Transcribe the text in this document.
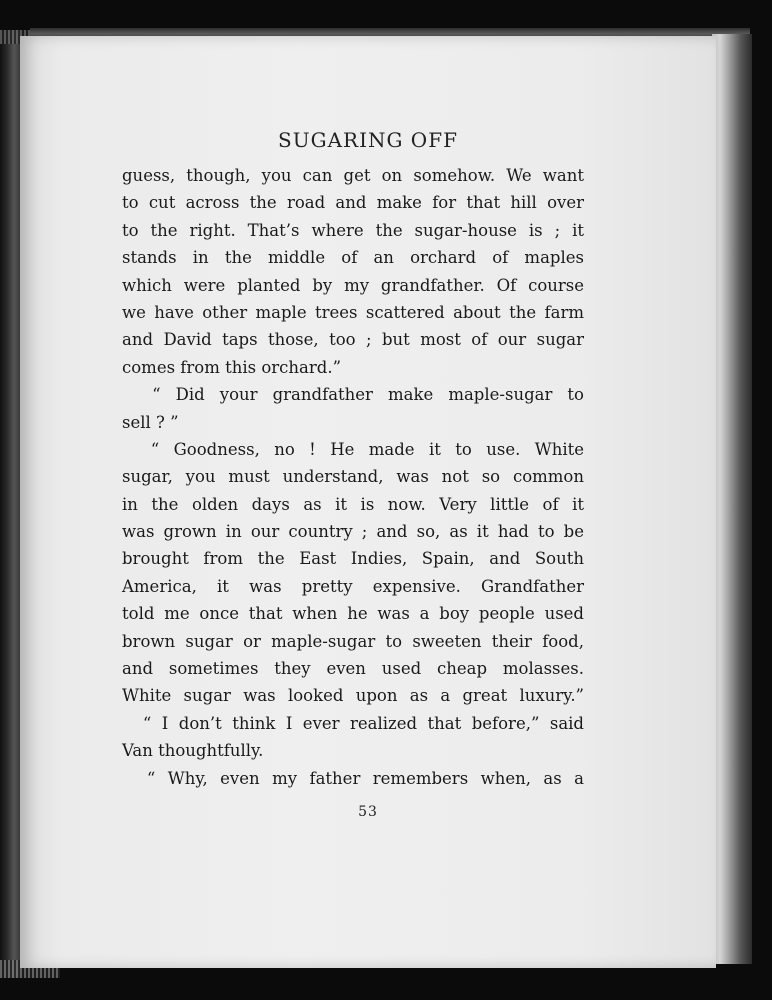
SUGARING OFF
guess, though, you can get on somehow. We want
to cut across the road and make for that hill over
to the right. That’s where the sugar-house is ; it
stands in the middle of an orchard of maples
which were planted by my grandfather. Of course
we have other maple trees scattered about the farm
and David taps those, too ; but most of our sugar
comes from this orchard.”
“ Did your grandfather make maple-sugar to
sell ? ”
“ Goodness, no ! He made it to use. White
sugar, you must understand, was not so common
in the olden days as it is now. Very little of it
was grown in our country ; and so, as it had to be
brought from the East Indies, Spain, and South
America, it was pretty expensive. Grandfather
told me once that when he was a boy people used
brown sugar or maple-sugar to sweeten their food,
and sometimes they even used cheap molasses.
White sugar was looked upon as a great luxury.”
“ I don’t think I ever realized that before,” said
Van thoughtfully.
“ Why, even my father remembers when, as a
53
